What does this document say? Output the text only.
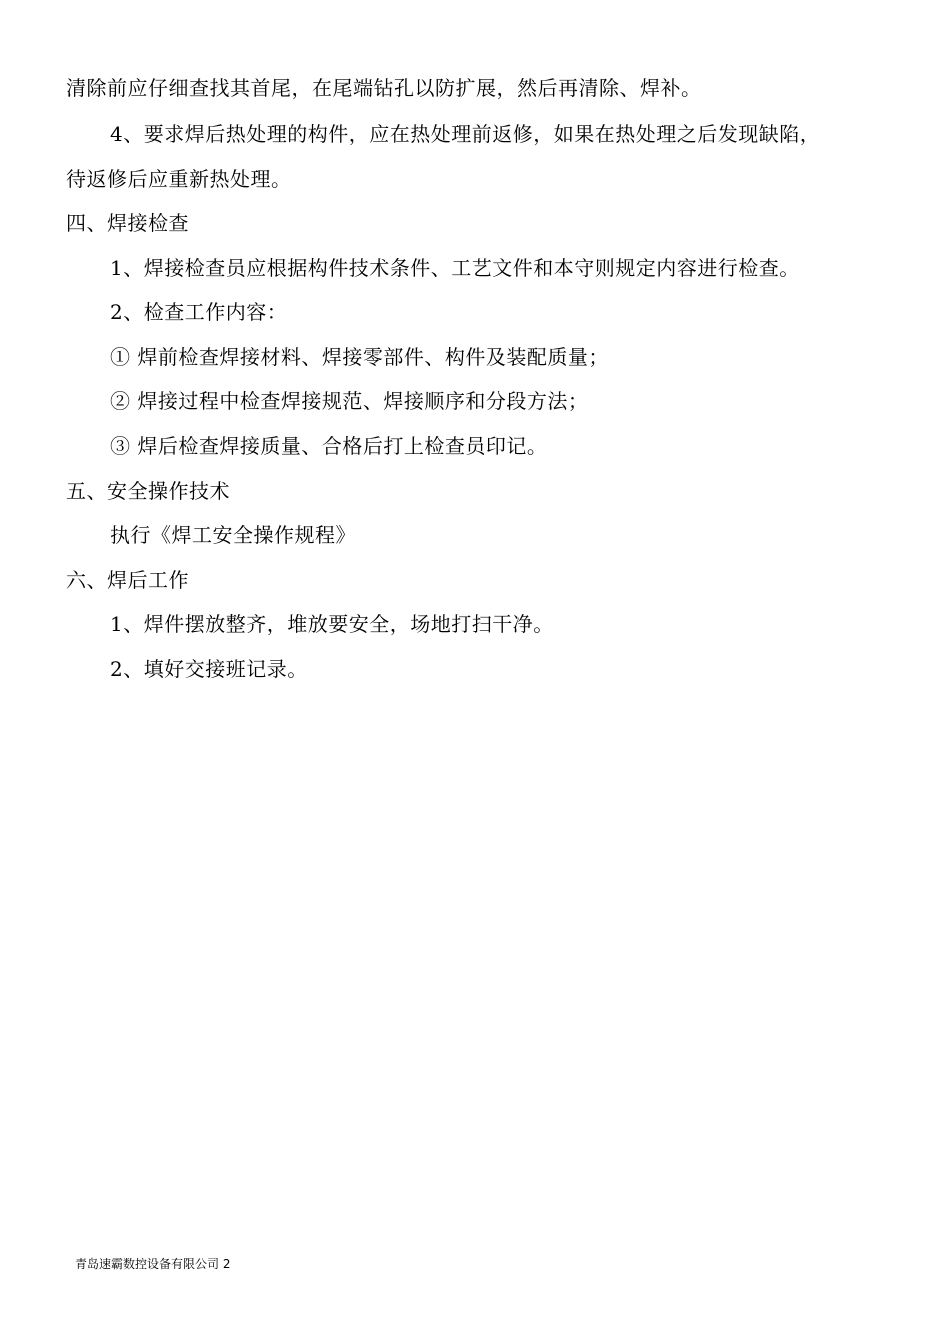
清除前应仔细查找其首尾，在尾端钻孔以防扩展，然后再清除、焊补。
4、要求焊后热处理的构件，应在热处理前返修，如果在热处理之后发现缺陷，
待返修后应重新热处理。
四、焊接检查
1、焊接检查员应根据构件技术条件、工艺文件和本守则规定内容进行检查。
2、检查工作内容：
① 焊前检查焊接材料、焊接零部件、构件及装配质量；
② 焊接过程中检查焊接规范、焊接顺序和分段方法；
③ 焊后检查焊接质量、合格后打上检查员印记。
五、安全操作技术
执行《焊工安全操作规程》
六、焊后工作
1、焊件摆放整齐，堆放要安全，场地打扫干净。
2、填好交接班记录。
青岛速霸数控设备有限公司 2
